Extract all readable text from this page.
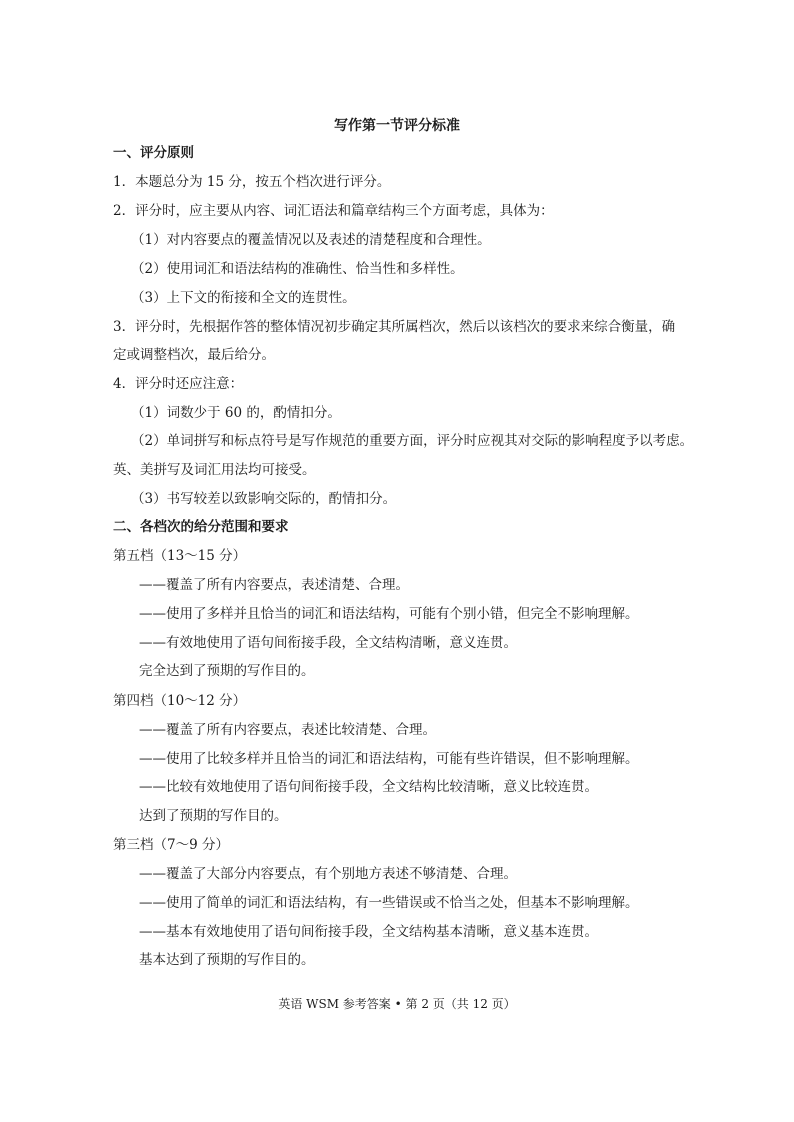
写作第一节评分标准
一、评分原则
1．本题总分为 15 分，按五个档次进行评分。
2．评分时，应主要从内容、词汇语法和篇章结构三个方面考虑，具体为：
（1）对内容要点的覆盖情况以及表述的清楚程度和合理性。
（2）使用词汇和语法结构的准确性、恰当性和多样性。
（3）上下文的衔接和全文的连贯性。
3．评分时，先根据作答的整体情况初步确定其所属档次，然后以该档次的要求来综合衡量，确
定或调整档次，最后给分。
4．评分时还应注意：
（1）词数少于 60 的，酌情扣分。
（2）单词拼写和标点符号是写作规范的重要方面，评分时应视其对交际的影响程度予以考虑。
英、美拼写及词汇用法均可接受。
（3）书写较差以致影响交际的，酌情扣分。
二、各档次的给分范围和要求
第五档（13～15 分）
——覆盖了所有内容要点，表述清楚、合理。
——使用了多样并且恰当的词汇和语法结构，可能有个别小错，但完全不影响理解。
——有效地使用了语句间衔接手段，全文结构清晰，意义连贯。
完全达到了预期的写作目的。
第四档（10～12 分）
——覆盖了所有内容要点，表述比较清楚、合理。
——使用了比较多样并且恰当的词汇和语法结构，可能有些许错误，但不影响理解。
——比较有效地使用了语句间衔接手段，全文结构比较清晰，意义比较连贯。
达到了预期的写作目的。
第三档（7～9 分）
——覆盖了大部分内容要点，有个别地方表述不够清楚、合理。
——使用了简单的词汇和语法结构，有一些错误或不恰当之处，但基本不影响理解。
——基本有效地使用了语句间衔接手段，全文结构基本清晰，意义基本连贯。
基本达到了预期的写作目的。
英语 WSM 参考答案 • 第 2 页（共 12 页）
